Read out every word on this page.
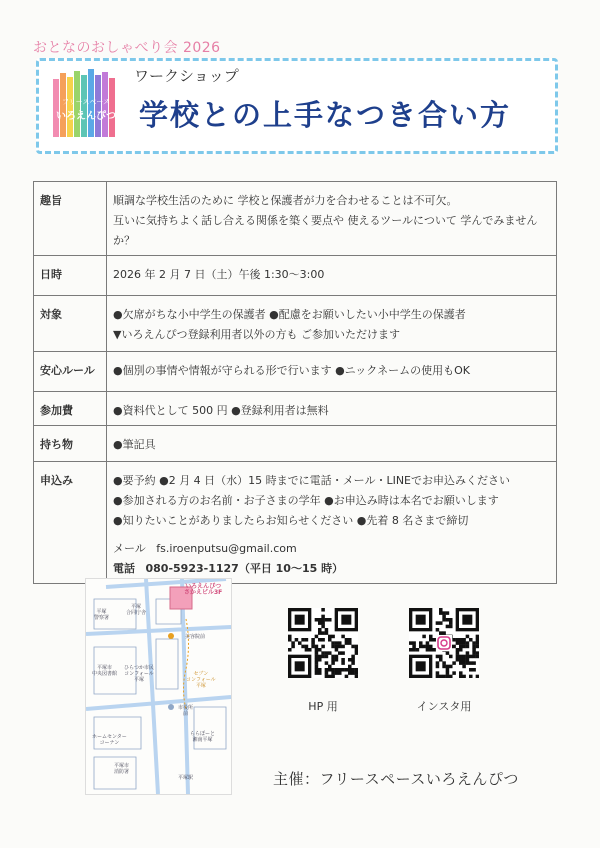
おとなのおしゃべり会 2026
フリースペース
いろえんぴつ
ワークショップ
学校との上手なつき合い方
趣旨	順調な学校生活のために 学校と保護者が力を合わせることは不可欠。
互いに気持ちよく話し合える関係を築く要点や 使えるツールについて 学んでみませんか？

日時	2026 年 2 月 7 日（土）午後 1:30～3:00
対象	●欠席がちな小中学生の保護者 ●配慮をお願いしたい小中学生の保護者
▼いろえんぴつ登録利用者以外の方も ご参加いただけます

安心ルール	●個別の事情や情報が守られる形で行います ●ニックネームの使用もOK
参加費	●資料代として 500 円 ●登録利用者は無料
持ち物	●筆記具
申込み	●要予約 ●2 月 4 日（水）15 時までに電話・メール・LINEでお申込みください
●参加される方のお名前・お子さまの学年 ●お申込み時は本名でお願いします
●知りたいことがありましたらお知らせください ●先着 8 名さまで締切
メール fs.iroenputsu@gmail.com
電話 080-5923-1127（平日 10～15 時）
いろえんぴつ
さかえビル3F
平塚
警察署
平塚
合同庁舎
美容院前
平塚市
中央図書館
ひらつか市民
コンフォール
平塚
セブン
コンフォール
平塚
市役所
前
ホームセンター
コーナン
ららぽーと
湘南平塚
平塚市
消防署
平塚駅
HP 用	インスタ用
主催：フリースペースいろえんぴつ
